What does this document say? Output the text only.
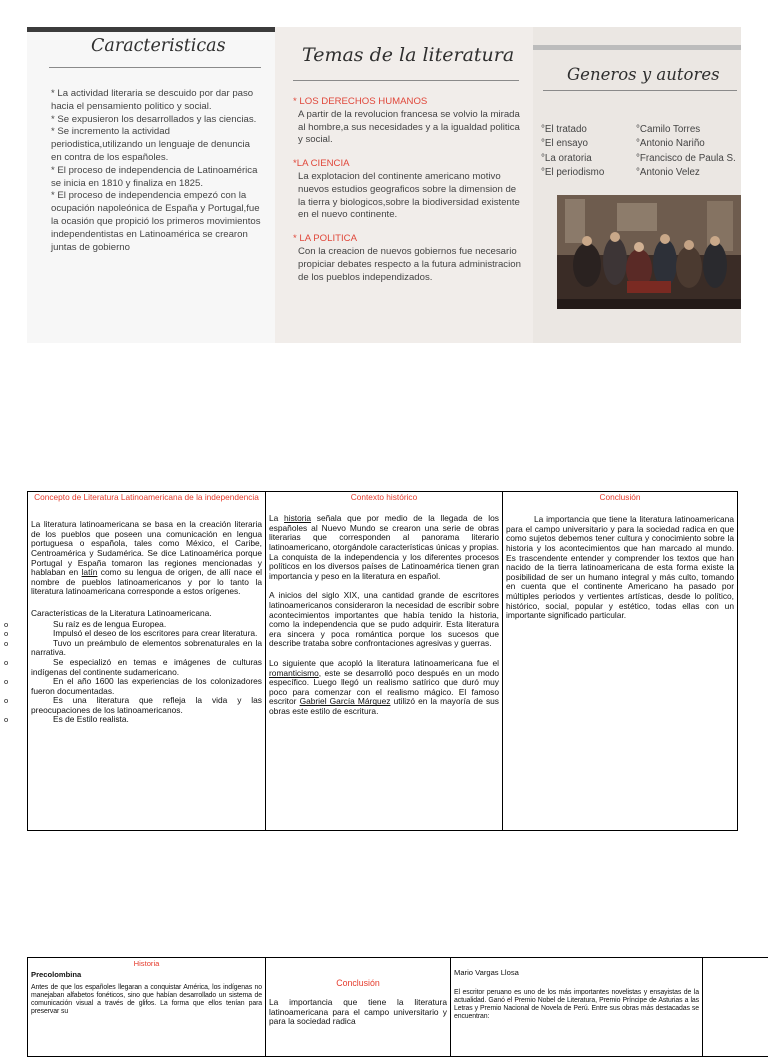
Caracteristicas

* La actividad literaria se descuido por dar paso hacia el pensamiento politico y social.

* Se expusieron los desarrollados y las ciencias.

* Se incremento la actividad periodistica,utilizando un lenguaje de denuncia en contra de los españoles.

* El proceso de independencia de Latinoamérica se inicia en 1810 y finaliza en 1825.

* El proceso de independencia empezó con la ocupación napoleónica de España y Portugal,fue la ocasión que propició los primeros movimientos independentistas en Latinoamérica se crearon juntas de gobierno

Temas de la literatura

* LOS DERECHOS HUMANOS

A partir de la revolucion francesa se volvio la mirada al hombre,a sus necesidades y a la igualdad politica y social.

*LA CIENCIA

La explotacion del continente americano motivo nuevos estudios geograficos sobre la dimension de la tierra y biologicos,sobre la biodiversidad existente en el nuevo continente.

* LA POLITICA

Con la creacion de nuevos gobiernos fue necesario propiciar debates respecto a la futura administracion de los pueblos independizados.

Generos y autores
°El tratado
°El ensayo
°La oratoria
°El periodismo
°Camilo Torres
°Antonio Nariño
°Francisco de Paula S.
°Antonio Velez
Concepto de Literatura Latinoamericana de la independencia

La literatura latinoamericana se basa en la creación literaria de los pueblos que poseen una comunicación en lengua portuguesa o española, tales como México, el Caribe, Centroamérica y Sudamérica. Se dice Latinoamérica porque Portugal y España tomaron las regiones mencionadas y hablaban en latín como su lengua de origen, de allí nace el nombre de pueblos latinoamericanos y por lo tanto la literatura latinoamericana corresponde a estos orígenes.

Características de la Literatura Latinoamericana.

o Su raíz es de lengua Europea.
o Impulsó el deseo de los escritores para crear literatura.
o Tuvo un preámbulo de elementos sobrenaturales en la narrativa.
o Se especializó en temas e imágenes de culturas indígenas del continente sudamericano.
o En el año 1600 las experiencias de los colonizadores fueron documentadas.
o Es una literatura que refleja la vida y las preocupaciones de los latinoamericanos.
o Es de Estilo realista.

Contexto histórico

La historia señala que por medio de la llegada de los españoles al Nuevo Mundo se crearon una serie de obras literarias que corresponden al panorama literario latinoamericano, otorgándole características únicas y propias. La conquista de la independencia y los diferentes procesos políticos en los diversos países de Latinoamérica tienen gran importancia y peso en la literatura en español.

A inicios del siglo XIX, una cantidad grande de escritores latinoamericanos consideraron la necesidad de escribir sobre acontecimientos importantes que había tenido la historia, como la independencia que se pudo adquirir. Esta literatura era sincera y poca romántica porque los sucesos que describe trataba sobre confrontaciones agresivas y guerras.

Lo siguiente que acopló la literatura latinoamericana fue el romanticismo, este se desarrolló poco después en un modo específico. Luego llegó un realismo satírico que duró muy poco para comenzar con el realismo mágico. El famoso escritor Gabriel García Márquez utilizó en la mayoría de sus obras este estilo de escritura.

Conclusión

La importancia que tiene la literatura latinoamericana para el campo universitario y para la sociedad radica en que como sujetos debemos tener cultura y conocimiento sobre la historia y los acontecimientos que han marcado al mundo. Es trascendente entender y comprender los textos que han nacido de la tierra latinoamericana de esta forma existe la posibilidad de ser un humano integral y más culto, tomando en cuenta que el continente Americano ha pasado por múltiples periodos y vertientes artísticas, desde lo político, histórico, social, popular y estético, todas ellas con un importante significado particular.

Historia
Precolombina

Antes de que los españoles llegaran a conquistar América, los indígenas no manejaban alfabetos fonéticos, sino que habían desarrollado un sistema de comunicación visual a través de glifos. La forma que ellos tenían para preservar su

Conclusión

La importancia que tiene la literatura latinoamericana para el campo universitario y para la sociedad radica

Mario Vargas Llosa

El escritor peruano es uno de los más importantes novelistas y ensayistas de la actualidad. Ganó el Premio Nobel de Literatura, Premio Príncipe de Asturias a las Letras y Premio Nacional de Novela de Perú. Entre sus obras más destacadas se encuentran:
